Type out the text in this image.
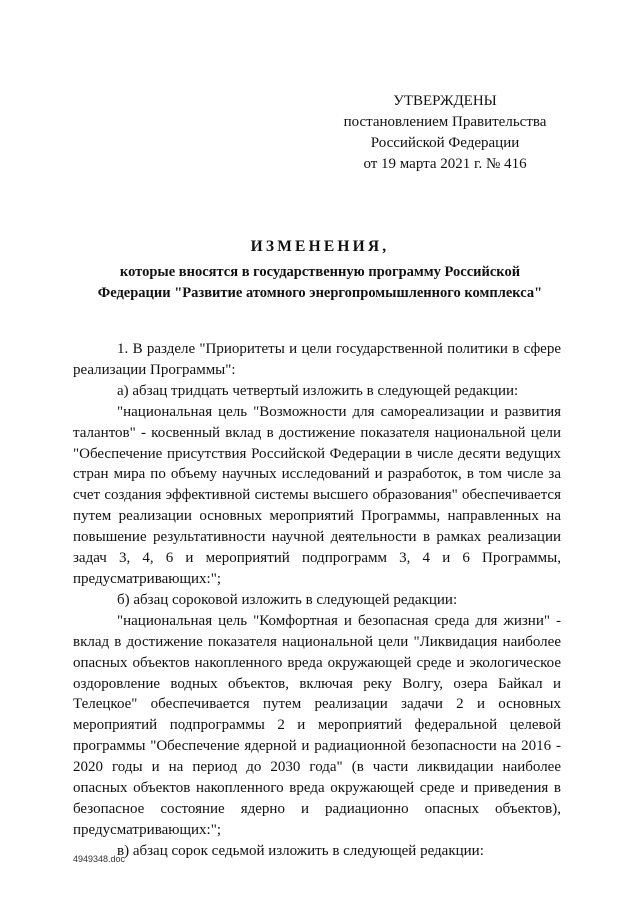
УТВЕРЖДЕНЫ
постановлением Правительства
Российской Федерации
от 19 марта 2021 г. № 416
ИЗМЕНЕНИЯ,
которые вносятся в государственную программу Российской
Федерации "Развитие атомного энергопромышленного комплекса"

1. В разделе "Приоритеты и цели государственной политики в сфере реализации Программы":

а) абзац тридцать четвертый изложить в следующей редакции:

"национальная цель "Возможности для самореализации и развития талантов" - косвенный вклад в достижение показателя национальной цели "Обеспечение присутствия Российской Федерации в числе десяти ведущих стран мира по объему научных исследований и разработок, в том числе за счет создания эффективной системы высшего образования" обеспечивается путем реализации основных мероприятий Программы, направленных на повышение результативности научной деятельности в рамках реализации задач 3, 4, 6 и мероприятий подпрограмм 3, 4 и 6 Программы, предусматривающих:";

б) абзац сороковой изложить в следующей редакции:

"национальная цель "Комфортная и безопасная среда для жизни" - вклад в достижение показателя национальной цели "Ликвидация наиболее опасных объектов накопленного вреда окружающей среде и экологическое оздоровление водных объектов, включая реку Волгу, озера Байкал и Телецкое" обеспечивается путем реализации задачи 2 и основных мероприятий подпрограммы 2 и мероприятий федеральной целевой программы "Обеспечение ядерной и радиационной безопасности на 2016 - 2020 годы и на период до 2030 года" (в части ликвидации наиболее опасных объектов накопленного вреда окружающей среде и приведения в безопасное состояние ядерно и радиационно опасных объектов), предусматривающих:";

в) абзац сорок седьмой изложить в следующей редакции:

4949348.doc
